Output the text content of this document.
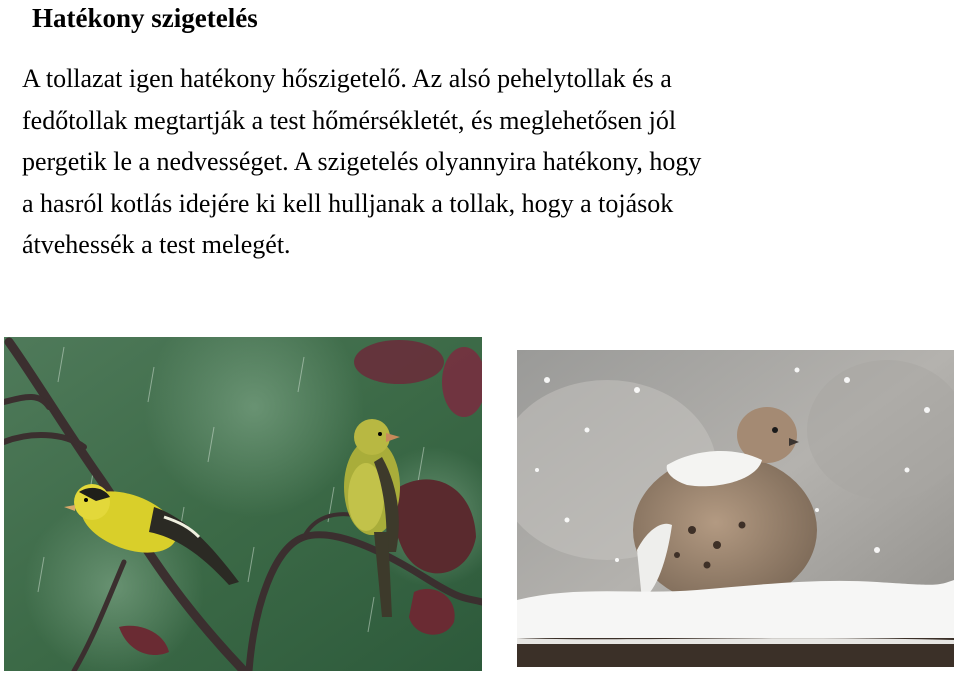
Hatékony szigetelés

A tollazat igen hatékony hőszigetelő. Az alsó pehelytollak és a
fedőtollak megtartják a test hőmérsékletét, és meglehetősen jól
pergetik le a nedvességet. A szigetelés olyannyira hatékony, hogy
a hasról kotlás idejére ki kell hulljanak a tollak, hogy a tojások
átvehessék a test melegét.
